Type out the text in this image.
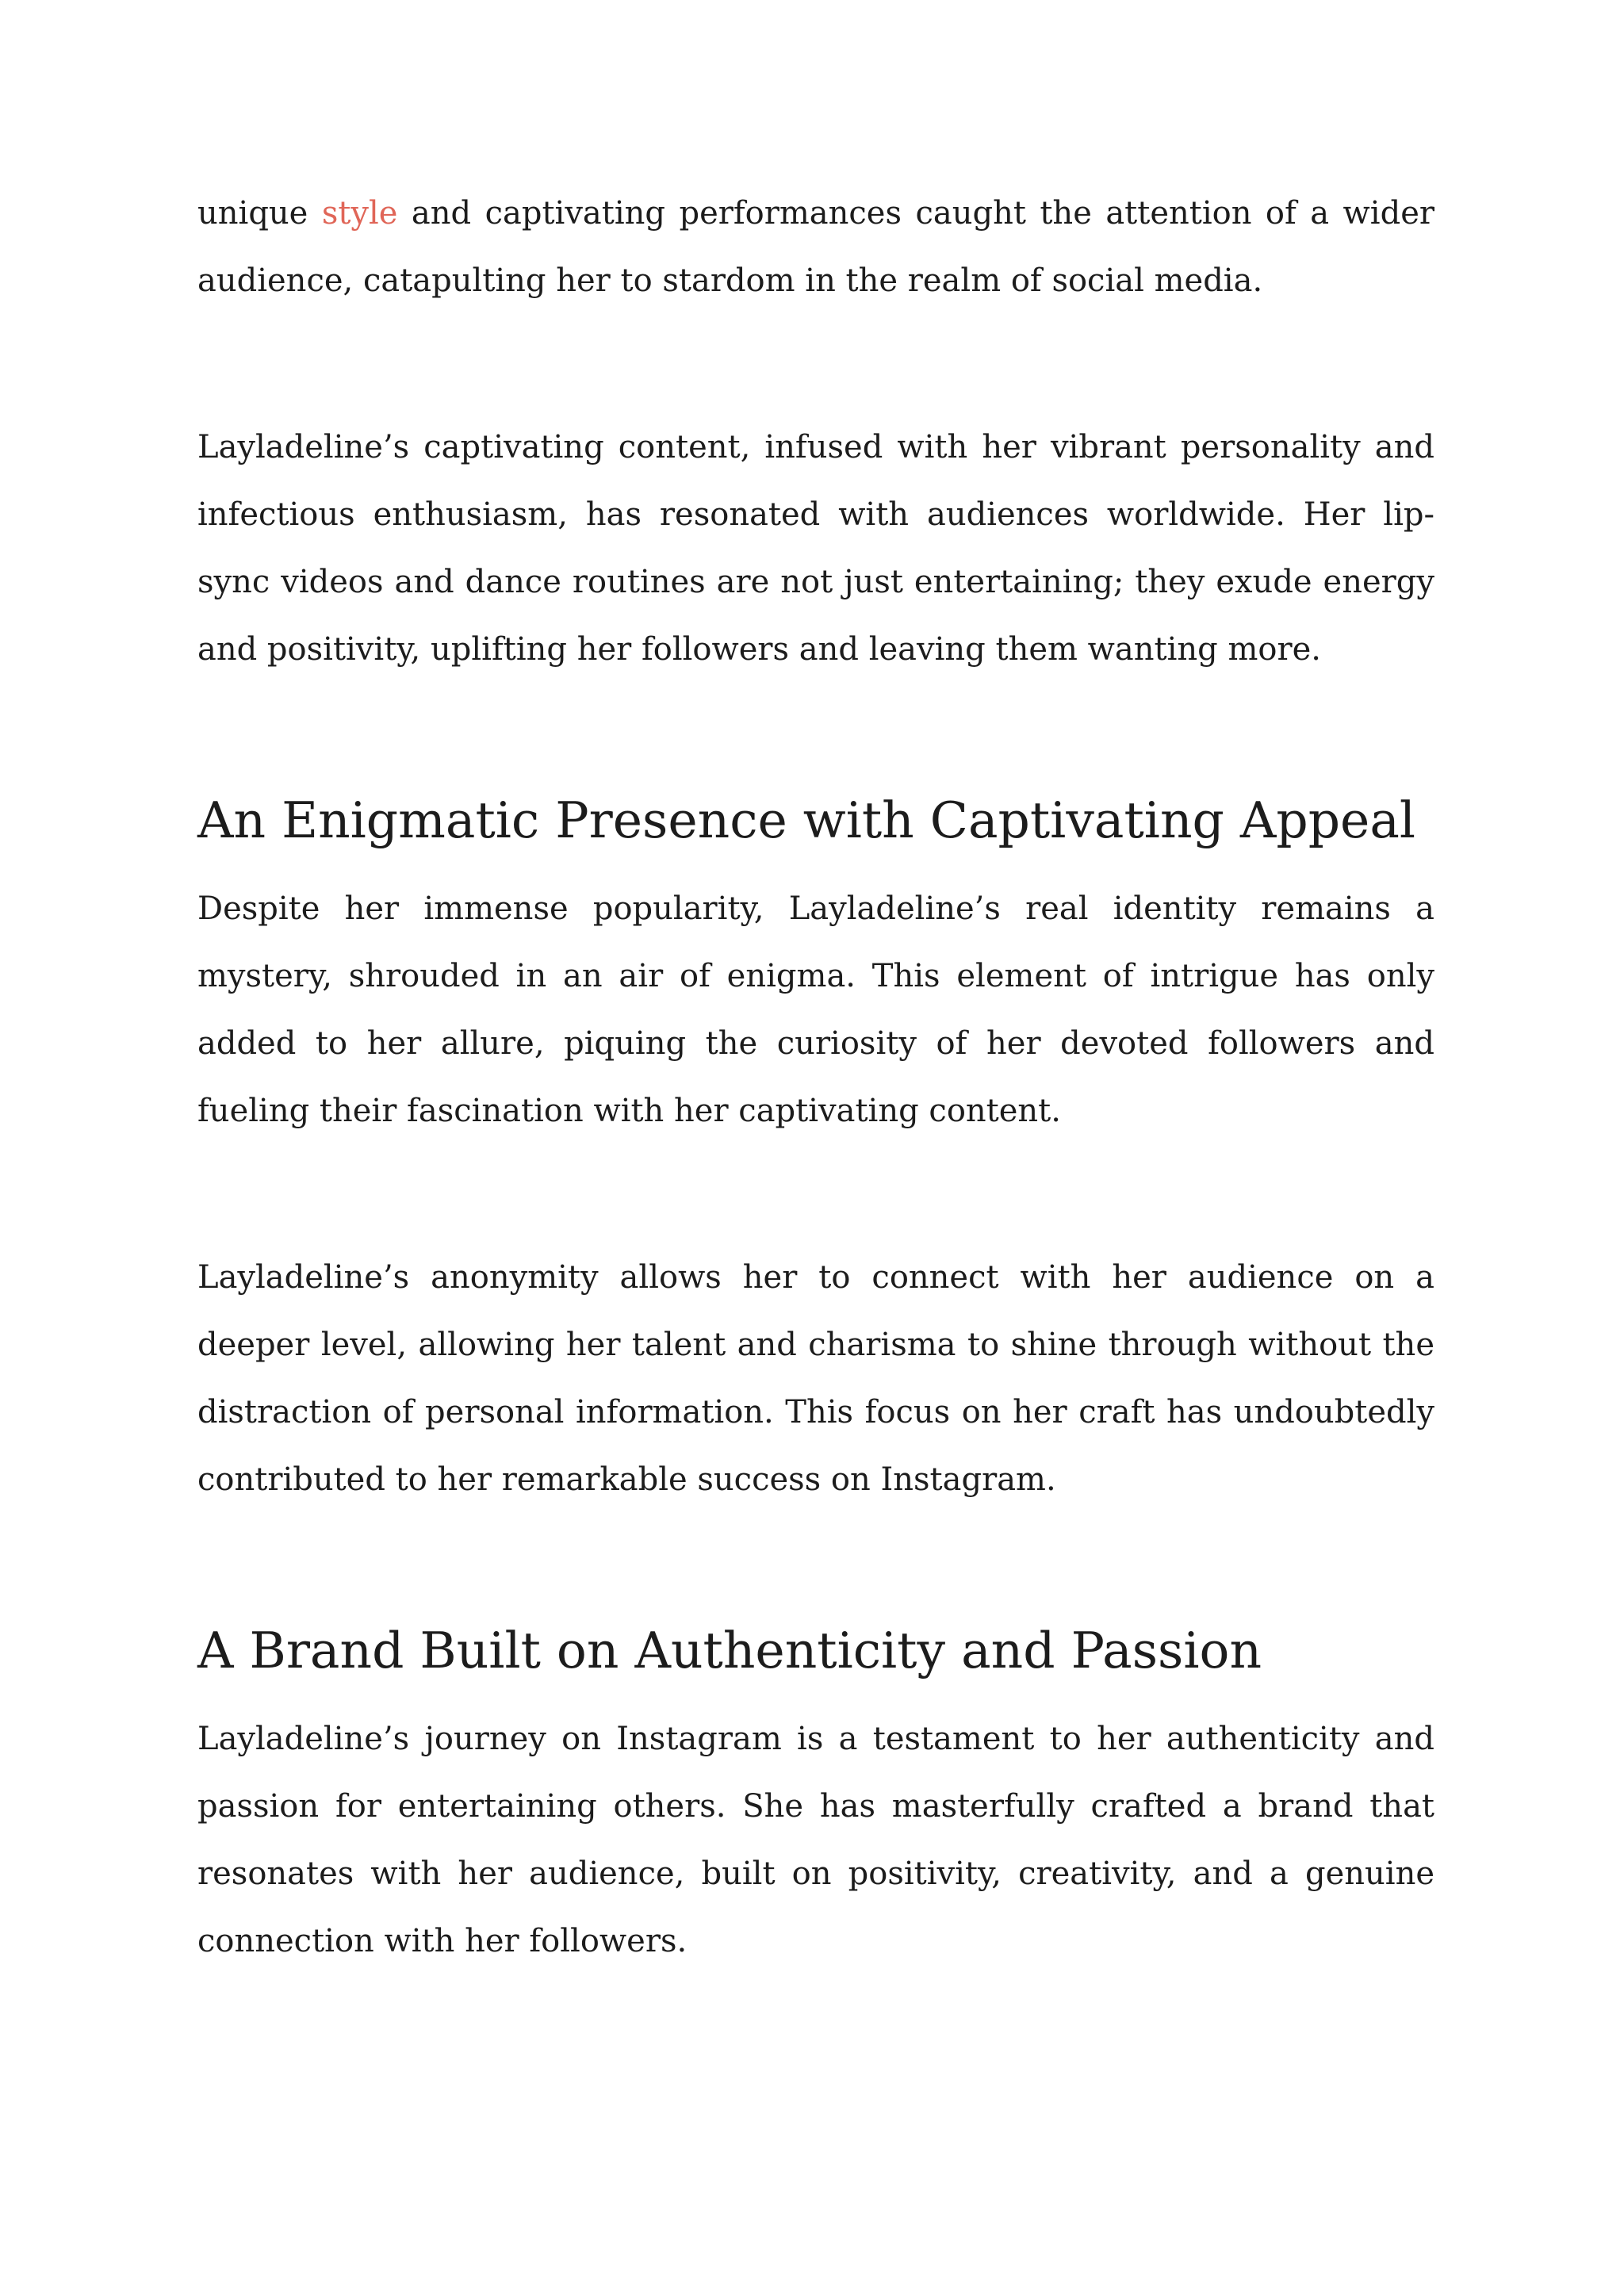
unique style and captivating performances caught the attention of a wider audience, catapulting her to stardom in the realm of social media.

Layladeline’s captivating content, infused with her vibrant personality and infectious enthusiasm, has resonated with audiences worldwide. Her lip-sync videos and dance routines are not just entertaining; they exude energy and positivity, uplifting her followers and leaving them wanting more.

An Enigmatic Presence with Captivating Appeal

Despite her immense popularity, Layladeline’s real identity remains a mystery, shrouded in an air of enigma. This element of intrigue has only added to her allure, piquing the curiosity of her devoted followers and fueling their fascination with her captivating content.

Layladeline’s anonymity allows her to connect with her audience on a deeper level, allowing her talent and charisma to shine through without the distraction of personal information. This focus on her craft has undoubtedly contributed to her remarkable success on Instagram.

A Brand Built on Authenticity and Passion

Layladeline’s journey on Instagram is a testament to her authenticity and passion for entertaining others. She has masterfully crafted a brand that resonates with her audience, built on positivity, creativity, and a genuine connection with her followers.
